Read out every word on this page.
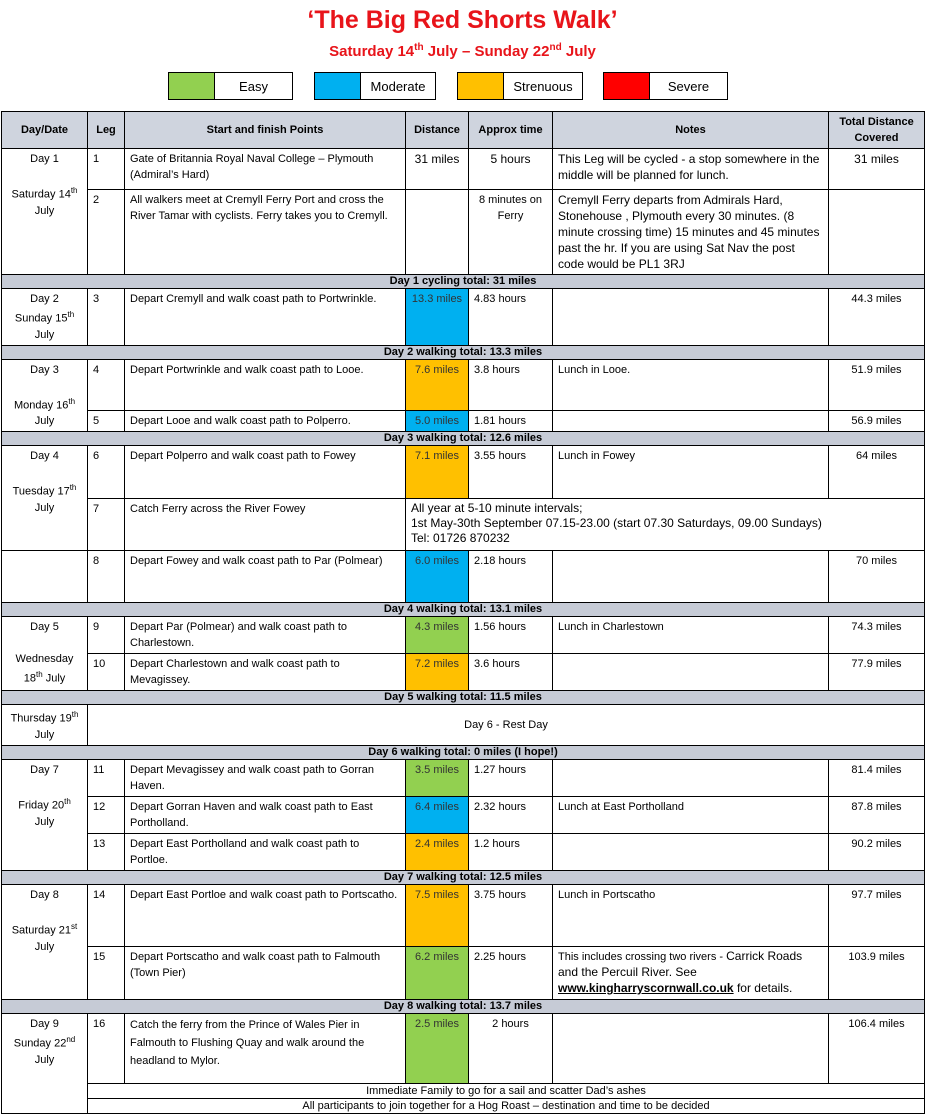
‘The Big Red Shorts Walk’
Saturday 14th July – Sunday 22nd July
Easy	Moderate	Strenuous	Severe
Day/Date	Leg	Start and finish Points	Distance	Approx time	Notes	Total Distance Covered
Day 1

Saturday 14th
July	1	Gate of Britannia Royal Naval College – Plymouth (Admiral’s Hard)	31 miles	5 hours	This Leg will be cycled - a stop somewhere in the middle will be planned for lunch.	31 miles
	2	All walkers meet at Cremyll Ferry Port and cross the River Tamar with cyclists. Ferry takes you to Cremyll.		8 minutes on Ferry	Cremyll Ferry departs from Admirals Hard, Stonehouse , Plymouth every 30 minutes. (8 minute crossing time) 15 minutes and 45 minutes past the hr. If you are using Sat Nav the post code would be PL1 3RJ	
Day 1 cycling total: 31 miles						
Day 2
Sunday 15th
July	3	Depart Cremyll and walk coast path to Portwrinkle.	13.3 miles	4.83 hours		44.3 miles
Day 2 walking total: 13.3 miles						
Day 3

Monday 16th
July	4	Depart Portwrinkle and walk coast path to Looe.	7.6 miles	3.8 hours	Lunch in Looe.	51.9 miles
	5	Depart Looe and walk coast path to Polperro.	5.0 miles	1.81 hours		56.9 miles
Day 3 walking total: 12.6 miles						
Day 4

Tuesday 17th
July	6	Depart Polperro and walk coast path to Fowey	7.1 miles	3.55 hours	Lunch in Fowey	64 miles
	7	Catch Ferry across the River Fowey	All year at 5-10 minute intervals;
1st May-30th September 07.15-23.00 (start 07.30 Saturdays, 09.00 Sundays)
Tel: 01726 870232			
	8	Depart Fowey and walk coast path to Par (Polmear)	6.0 miles	2.18 hours		70 miles
Day 4 walking total: 13.1 miles						
Day 5

Wednesday 18th July	9	Depart Par (Polmear) and walk coast path to Charlestown.	4.3 miles	1.56 hours	Lunch in Charlestown	74.3 miles
	10	Depart Charlestown and walk coast path to Mevagissey.	7.2 miles	3.6 hours		77.9 miles
Day 5 walking total: 11.5 miles						
Thursday 19th
July	Day 6 - Rest Day					
Day 6 walking total: 0 miles (I hope!)						
Day 7

Friday 20th
July	11	Depart Mevagissey and walk coast path to Gorran Haven.	3.5 miles	1.27 hours		81.4 miles
	12	Depart Gorran Haven and walk coast path to East Portholland.	6.4 miles	2.32 hours	Lunch at East Portholland	87.8 miles
	13	Depart East Portholland and walk coast path to Portloe.	2.4 miles	1.2 hours		90.2 miles
Day 7 walking total: 12.5 miles						
Day 8

Saturday 21st
July	14	Depart East Portloe and walk coast path to Portscatho.	7.5 miles	3.75 hours	Lunch in Portscatho	97.7 miles
	15	Depart Portscatho and walk coast path to Falmouth (Town Pier)	6.2 miles	2.25 hours	This includes crossing two rivers - Carrick Roads and the Percuil River. See www.kingharryscornwall.co.uk for details.	103.9 miles
Day 8 walking total: 13.7 miles						
Day 9
Sunday 22nd
July	16	Catch the ferry from the Prince of Wales Pier in Falmouth to Flushing Quay and walk around the headland to Mylor.	2.5 miles	2 hours		106.4 miles
	Immediate Family to go for a sail and scatter Dad’s ashes					
	All participants to join together for a Hog Roast – destination and time to be decided					
